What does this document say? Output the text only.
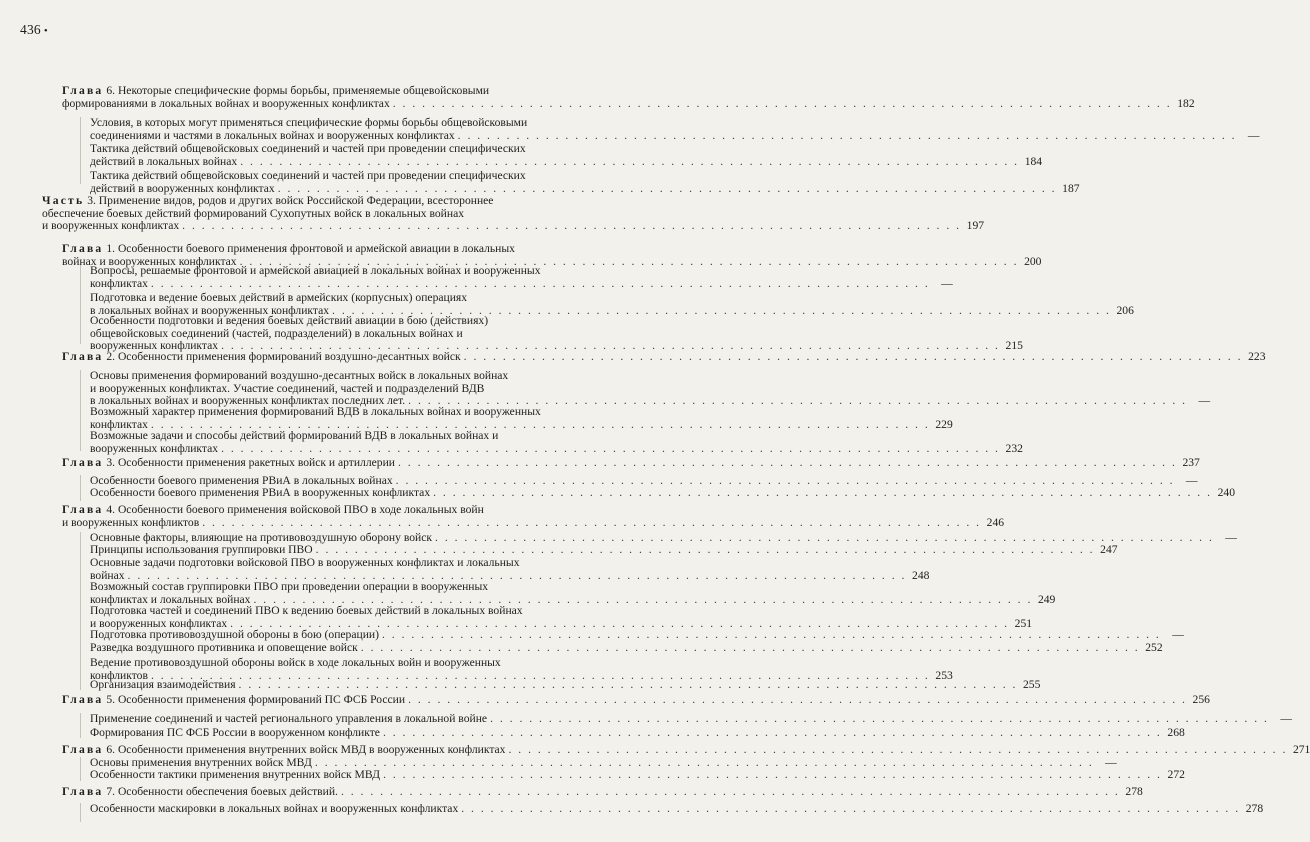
436 •
Глава 6. Некоторые специфические формы борьбы, применяемые общевойсковыми
формированиями в локальных войнах и вооруженных конфликтах . . . . . . . . . . . . . . . . . . . . . . . . . . . . . . . . . . . . . . . . . . . . . . . . . . . . . . . . . . . . . . . . . . . . . . . . . . . . . . . . 182
Условия, в которых могут применяться специфические формы борьбы общевойсковыми
соединениями и частями в локальных войнах и вооруженных конфликтах . . . . . . . . . . . . . . . . . . . . . . . . . . . . . . . . . . . . . . . . . . . . . . . . . . . . . . . . . . . . . . . . . . . . . . . . . . . . . . . . —
Тактика действий общевойсковых соединений и частей при проведении специфических
действий в локальных войнах . . . . . . . . . . . . . . . . . . . . . . . . . . . . . . . . . . . . . . . . . . . . . . . . . . . . . . . . . . . . . . . . . . . . . . . . . . . . . . . . 184
Тактика действий общевойсковых соединений и частей при проведении специфических
действий в вооруженных конфликтах . . . . . . . . . . . . . . . . . . . . . . . . . . . . . . . . . . . . . . . . . . . . . . . . . . . . . . . . . . . . . . . . . . . . . . . . . . . . . . . . 187
Часть 3. Применение видов, родов и других войск Российской Федерации, всестороннее
обеспечение боевых действий формирований Сухопутных войск в локальных войнах
и вооруженных конфликтах . . . . . . . . . . . . . . . . . . . . . . . . . . . . . . . . . . . . . . . . . . . . . . . . . . . . . . . . . . . . . . . . . . . . . . . . . . . . . . . . 197
Глава 1. Особенности боевого применения фронтовой и армейской авиации в локальных
войнах и вооруженных конфликтах . . . . . . . . . . . . . . . . . . . . . . . . . . . . . . . . . . . . . . . . . . . . . . . . . . . . . . . . . . . . . . . . . . . . . . . . . . . . . . . . 200
Вопросы, решаемые фронтовой и армейской авиацией в локальных войнах и вооруженных
конфликтах . . . . . . . . . . . . . . . . . . . . . . . . . . . . . . . . . . . . . . . . . . . . . . . . . . . . . . . . . . . . . . . . . . . . . . . . . . . . . . . . —
Подготовка и ведение боевых действий в армейских (корпусных) операциях
в локальных войнах и вооруженных конфликтах . . . . . . . . . . . . . . . . . . . . . . . . . . . . . . . . . . . . . . . . . . . . . . . . . . . . . . . . . . . . . . . . . . . . . . . . . . . . . . . . 206
Особенности подготовки и ведения боевых действий авиации в бою (действиях)
общевойсковых соединений (частей, подразделений) в локальных войнах и
вооруженных конфликтах . . . . . . . . . . . . . . . . . . . . . . . . . . . . . . . . . . . . . . . . . . . . . . . . . . . . . . . . . . . . . . . . . . . . . . . . . . . . . . . . 215
Глава 2. Особенности применения формирований воздушно-десантных войск . . . . . . . . . . . . . . . . . . . . . . . . . . . . . . . . . . . . . . . . . . . . . . . . . . . . . . . . . . . . . . . . . . . . . . . . . . . . . . . . 223
Основы применения формирований воздушно-десантных войск в локальных войнах
и вооруженных конфликтах. Участие соединений, частей и подразделений ВДВ
в локальных войнах и вооруженных конфликтах последних лет. . . . . . . . . . . . . . . . . . . . . . . . . . . . . . . . . . . . . . . . . . . . . . . . . . . . . . . . . . . . . . . . . . . . . . . . . . . . . . . . . —
Возможный характер применения формирований ВДВ в локальных войнах и вооруженных
конфликтах . . . . . . . . . . . . . . . . . . . . . . . . . . . . . . . . . . . . . . . . . . . . . . . . . . . . . . . . . . . . . . . . . . . . . . . . . . . . . . . . 229
Возможные задачи и способы действий формирований ВДВ в локальных войнах и
вооруженных конфликтах . . . . . . . . . . . . . . . . . . . . . . . . . . . . . . . . . . . . . . . . . . . . . . . . . . . . . . . . . . . . . . . . . . . . . . . . . . . . . . . . 232
Глава 3. Особенности применения ракетных войск и артиллерии . . . . . . . . . . . . . . . . . . . . . . . . . . . . . . . . . . . . . . . . . . . . . . . . . . . . . . . . . . . . . . . . . . . . . . . . . . . . . . . . 237
Особенности боевого применения РВиА в локальных войнах . . . . . . . . . . . . . . . . . . . . . . . . . . . . . . . . . . . . . . . . . . . . . . . . . . . . . . . . . . . . . . . . . . . . . . . . . . . . . . . . —
Особенности боевого применения РВиА в вооруженных конфликтах . . . . . . . . . . . . . . . . . . . . . . . . . . . . . . . . . . . . . . . . . . . . . . . . . . . . . . . . . . . . . . . . . . . . . . . . . . . . . . . . 240
Глава 4. Особенности боевого применения войсковой ПВО в ходе локальных войн
и вооруженных конфликтов . . . . . . . . . . . . . . . . . . . . . . . . . . . . . . . . . . . . . . . . . . . . . . . . . . . . . . . . . . . . . . . . . . . . . . . . . . . . . . . . 246
Основные факторы, влияющие на противовоздушную оборону войск . . . . . . . . . . . . . . . . . . . . . . . . . . . . . . . . . . . . . . . . . . . . . . . . . . . . . . . . . . . . . . . . . . . . . . . . . . . . . . . . —
Принципы использования группировки ПВО . . . . . . . . . . . . . . . . . . . . . . . . . . . . . . . . . . . . . . . . . . . . . . . . . . . . . . . . . . . . . . . . . . . . . . . . . . . . . . . . 247
Основные задачи подготовки войсковой ПВО в вооруженных конфликтах и локальных
войнах . . . . . . . . . . . . . . . . . . . . . . . . . . . . . . . . . . . . . . . . . . . . . . . . . . . . . . . . . . . . . . . . . . . . . . . . . . . . . . . . 248
Возможный состав группировки ПВО при проведении операции в вооруженных
конфликтах и локальных войнах . . . . . . . . . . . . . . . . . . . . . . . . . . . . . . . . . . . . . . . . . . . . . . . . . . . . . . . . . . . . . . . . . . . . . . . . . . . . . . . . 249
Подготовка частей и соединений ПВО к ведению боевых действий в локальных войнах
и вооруженных конфликтах . . . . . . . . . . . . . . . . . . . . . . . . . . . . . . . . . . . . . . . . . . . . . . . . . . . . . . . . . . . . . . . . . . . . . . . . . . . . . . . . 251
Подготовка противовоздушной обороны в бою (операции) . . . . . . . . . . . . . . . . . . . . . . . . . . . . . . . . . . . . . . . . . . . . . . . . . . . . . . . . . . . . . . . . . . . . . . . . . . . . . . . . —
Разведка воздушного противника и оповещение войск . . . . . . . . . . . . . . . . . . . . . . . . . . . . . . . . . . . . . . . . . . . . . . . . . . . . . . . . . . . . . . . . . . . . . . . . . . . . . . . . 252
Ведение противовоздушной обороны войск в ходе локальных войн и вооруженных
конфликтов . . . . . . . . . . . . . . . . . . . . . . . . . . . . . . . . . . . . . . . . . . . . . . . . . . . . . . . . . . . . . . . . . . . . . . . . . . . . . . . . 253
Организация взаимодействия . . . . . . . . . . . . . . . . . . . . . . . . . . . . . . . . . . . . . . . . . . . . . . . . . . . . . . . . . . . . . . . . . . . . . . . . . . . . . . . . 255
Глава 5. Особенности применения формирований ПС ФСБ России . . . . . . . . . . . . . . . . . . . . . . . . . . . . . . . . . . . . . . . . . . . . . . . . . . . . . . . . . . . . . . . . . . . . . . . . . . . . . . . . 256
Применение соединений и частей регионального управления в локальной войне . . . . . . . . . . . . . . . . . . . . . . . . . . . . . . . . . . . . . . . . . . . . . . . . . . . . . . . . . . . . . . . . . . . . . . . . . . . . . . . . —
Формирования ПС ФСБ России в вооруженном конфликте . . . . . . . . . . . . . . . . . . . . . . . . . . . . . . . . . . . . . . . . . . . . . . . . . . . . . . . . . . . . . . . . . . . . . . . . . . . . . . . . 268
Глава 6. Особенности применения внутренних войск МВД в вооруженных конфликтах . . . . . . . . . . . . . . . . . . . . . . . . . . . . . . . . . . . . . . . . . . . . . . . . . . . . . . . . . . . . . . . . . . . . . . . . . . . . . . . . 271
Основы применения внутренних войск МВД . . . . . . . . . . . . . . . . . . . . . . . . . . . . . . . . . . . . . . . . . . . . . . . . . . . . . . . . . . . . . . . . . . . . . . . . . . . . . . . . —
Особенности тактики применения внутренних войск МВД . . . . . . . . . . . . . . . . . . . . . . . . . . . . . . . . . . . . . . . . . . . . . . . . . . . . . . . . . . . . . . . . . . . . . . . . . . . . . . . . 272
Глава 7. Особенности обеспечения боевых действий. . . . . . . . . . . . . . . . . . . . . . . . . . . . . . . . . . . . . . . . . . . . . . . . . . . . . . . . . . . . . . . . . . . . . . . . . . . . . . . . . 278
Особенности маскировки в локальных войнах и вооруженных конфликтах . . . . . . . . . . . . . . . . . . . . . . . . . . . . . . . . . . . . . . . . . . . . . . . . . . . . . . . . . . . . . . . . . . . . . . . . . . . . . . . . 278
